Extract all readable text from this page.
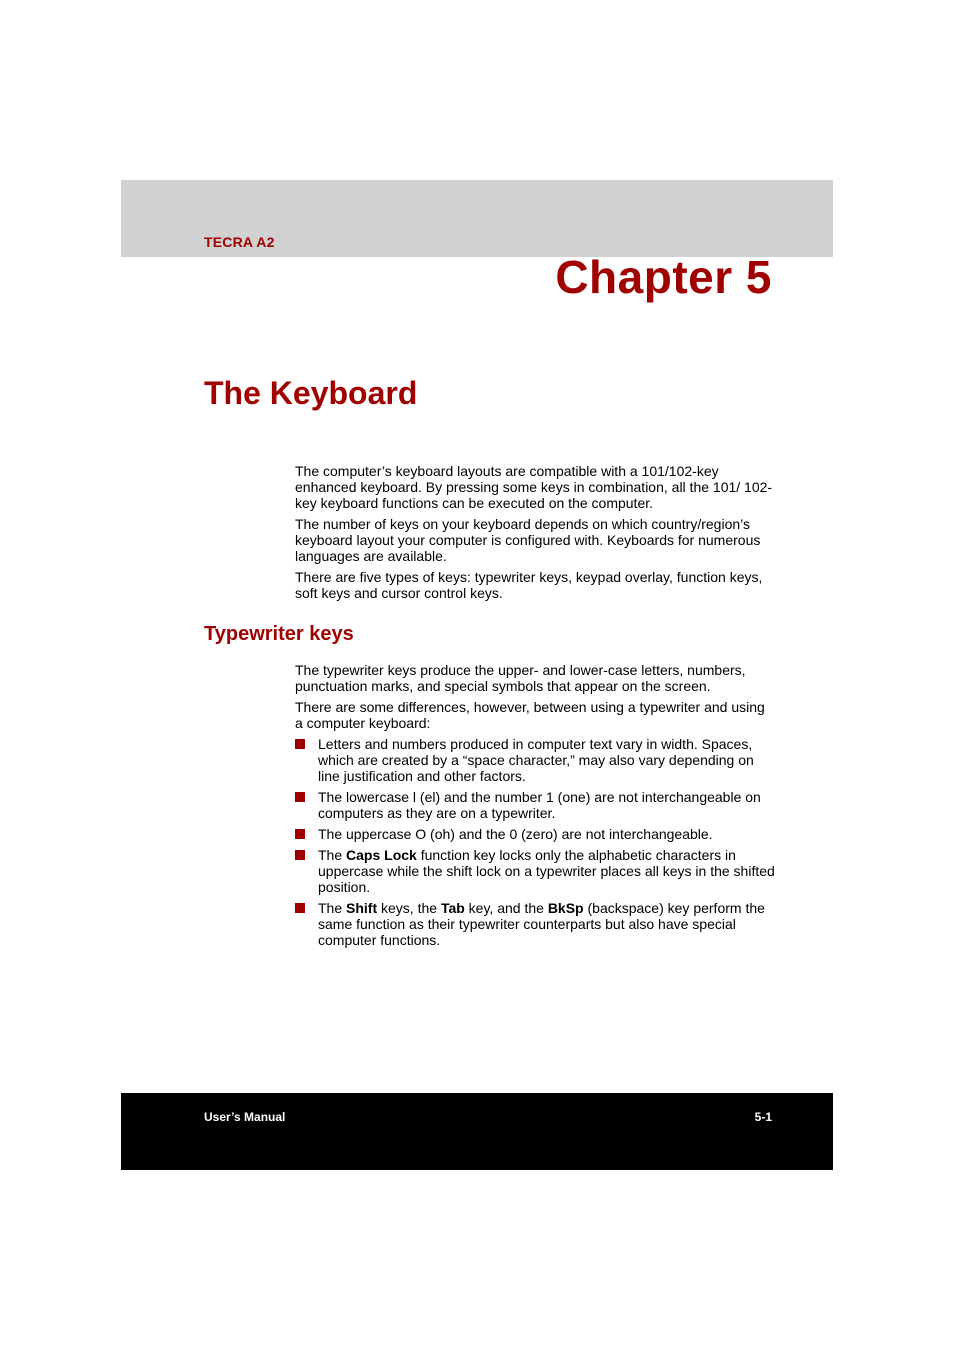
TECRA A2
Chapter 5
The Keyboard

The computer’s keyboard layouts are compatible with a 101/102-key enhanced keyboard. By pressing some keys in combination, all the 101/ 102-key keyboard functions can be executed on the computer.

The number of keys on your keyboard depends on which country/region’s keyboard layout your computer is configured with. Keyboards for numerous languages are available.

There are five types of keys: typewriter keys, keypad overlay, function keys, soft keys and cursor control keys.

Typewriter keys

The typewriter keys produce the upper- and lower-case letters, numbers, punctuation marks, and special symbols that appear on the screen.

There are some differences, however, between using a typewriter and using a computer keyboard:

Letters and numbers produced in computer text vary in width. Spaces, which are created by a “space character,” may also vary depending on line justification and other factors.
The lowercase l (el) and the number 1 (one) are not interchangeable on computers as they are on a typewriter.
The uppercase O (oh) and the 0 (zero) are not interchangeable.
The Caps Lock function key locks only the alphabetic characters in uppercase while the shift lock on a typewriter places all keys in the shifted position.
The Shift keys, the Tab key, and the BkSp (backspace) key perform the same function as their typewriter counterparts but also have special computer functions.
User’s Manual	5-1
